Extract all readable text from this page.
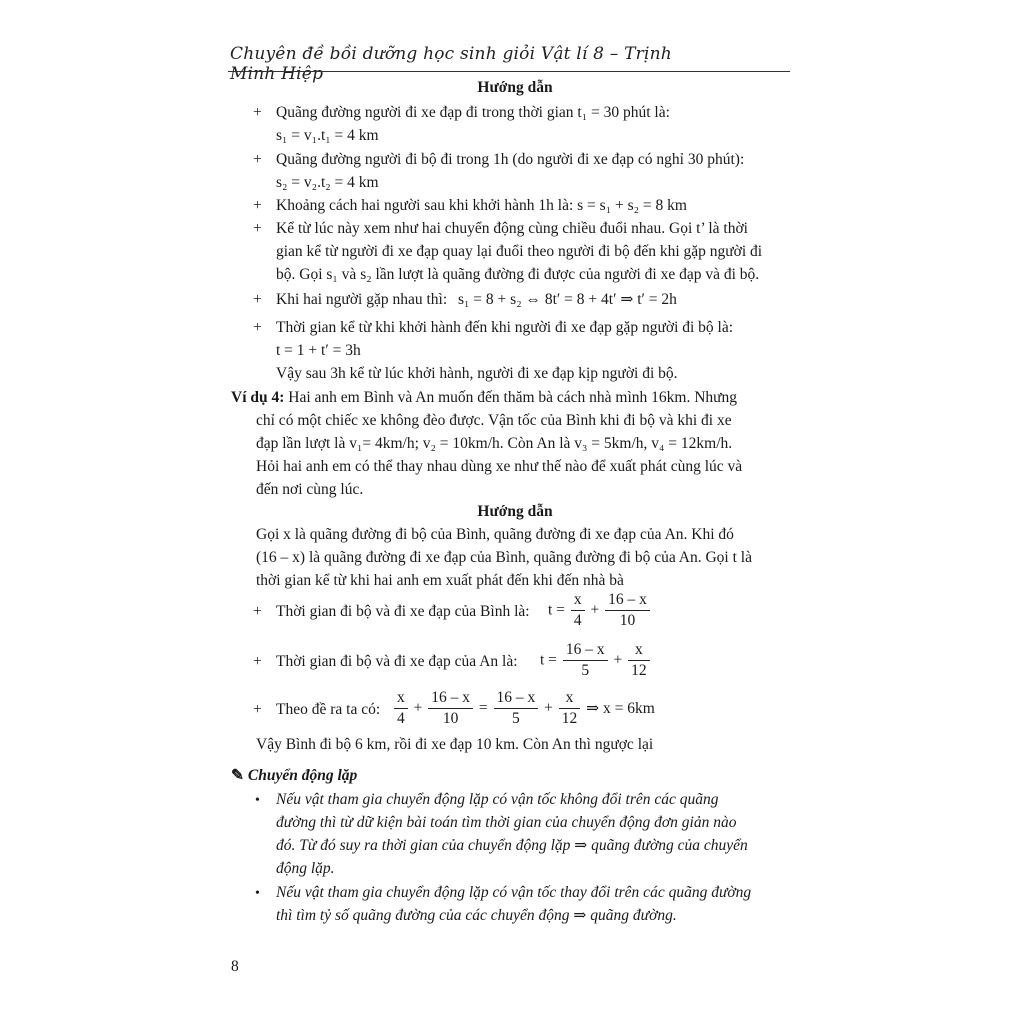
Chuyên đề bồi dưỡng học sinh giỏi Vật lí 8 – Trịnh Minh Hiệp
Hướng dẫn
+ Quãng đường người đi xe đạp đi trong thời gian t₁ = 30 phút là:
s₁ = v₁.t₁ = 4 km
+ Quãng đường người đi bộ đi trong 1h (do người đi xe đạp có nghỉ 30 phút):
s₂ = v₂.t₂ = 4 km
+ Khoảng cách hai người sau khi khởi hành 1h là: s = s₁ + s₂ = 8 km
+ Kể từ lúc này xem như hai chuyển động cùng chiều đuổi nhau. Gọi t’ là thời
gian kể từ người đi xe đạp quay lại đuổi theo người đi bộ đến khi gặp người đi
bộ. Gọi s₁ và s₂ lần lượt là quãng đường đi được của người đi xe đạp và đi bộ.
+ Khi hai người gặp nhau thì: s₁ = 8 + s₂ ⇔ 8t′ = 8 + 4t′ ⇒ t′ = 2h
+ Thời gian kể từ khi khởi hành đến khi người đi xe đạp gặp người đi bộ là:
t = 1 + t′ = 3h
Vậy sau 3h kể từ lúc khởi hành, người đi xe đạp kịp người đi bộ.
Ví dụ 4: Hai anh em Bình và An muốn đến thăm bà cách nhà mình 16km. Nhưng
chỉ có một chiếc xe không đèo được. Vận tốc của Bình khi đi bộ và khi đi xe
đạp lần lượt là v₁= 4km/h; v₂ = 10km/h. Còn An là v₃ = 5km/h, v₄ = 12km/h.
Hỏi hai anh em có thể thay nhau dùng xe như thế nào để xuất phát cùng lúc và
đến nơi cùng lúc.
Hướng dẫn
Gọi x là quãng đường đi bộ của Bình, quãng đường đi xe đạp của An. Khi đó
(16 – x) là quãng đường đi xe đạp của Bình, quãng đường đi bộ của An. Gọi t là
thời gian kể từ khi hai anh em xuất phát đến khi đến nhà bà
+ Thời gian đi bộ và đi xe đạp của Bình là: $t = \frac{x}{4} + \frac{16 - x}{10}$
+ Thời gian đi bộ và đi xe đạp của An là: $t = \frac{16 - x}{5} + \frac{x}{12}$
+ Theo đề ra ta có: $\frac{x}{4} + \frac{16 - x}{10} = \frac{16 - x}{5} + \frac{x}{12}$ ⇒ x = 6km
Vậy Bình đi bộ 6 km, rồi đi xe đạp 10 km. Còn An thì ngược lại
✎ Chuyển động lặp
• Nếu vật tham gia chuyển động lặp có vận tốc không đổi trên các quãng
đường thì từ dữ kiện bài toán tìm thời gian của chuyển động đơn giản nào
đó. Từ đó suy ra thời gian của chuyển động lặp ⇒ quãng đường của chuyển
động lặp.
• Nếu vật tham gia chuyển động lặp có vận tốc thay đổi trên các quãng đường
thì tìm tỷ số quãng đường của các chuyển động ⇒ quãng đường.
8
